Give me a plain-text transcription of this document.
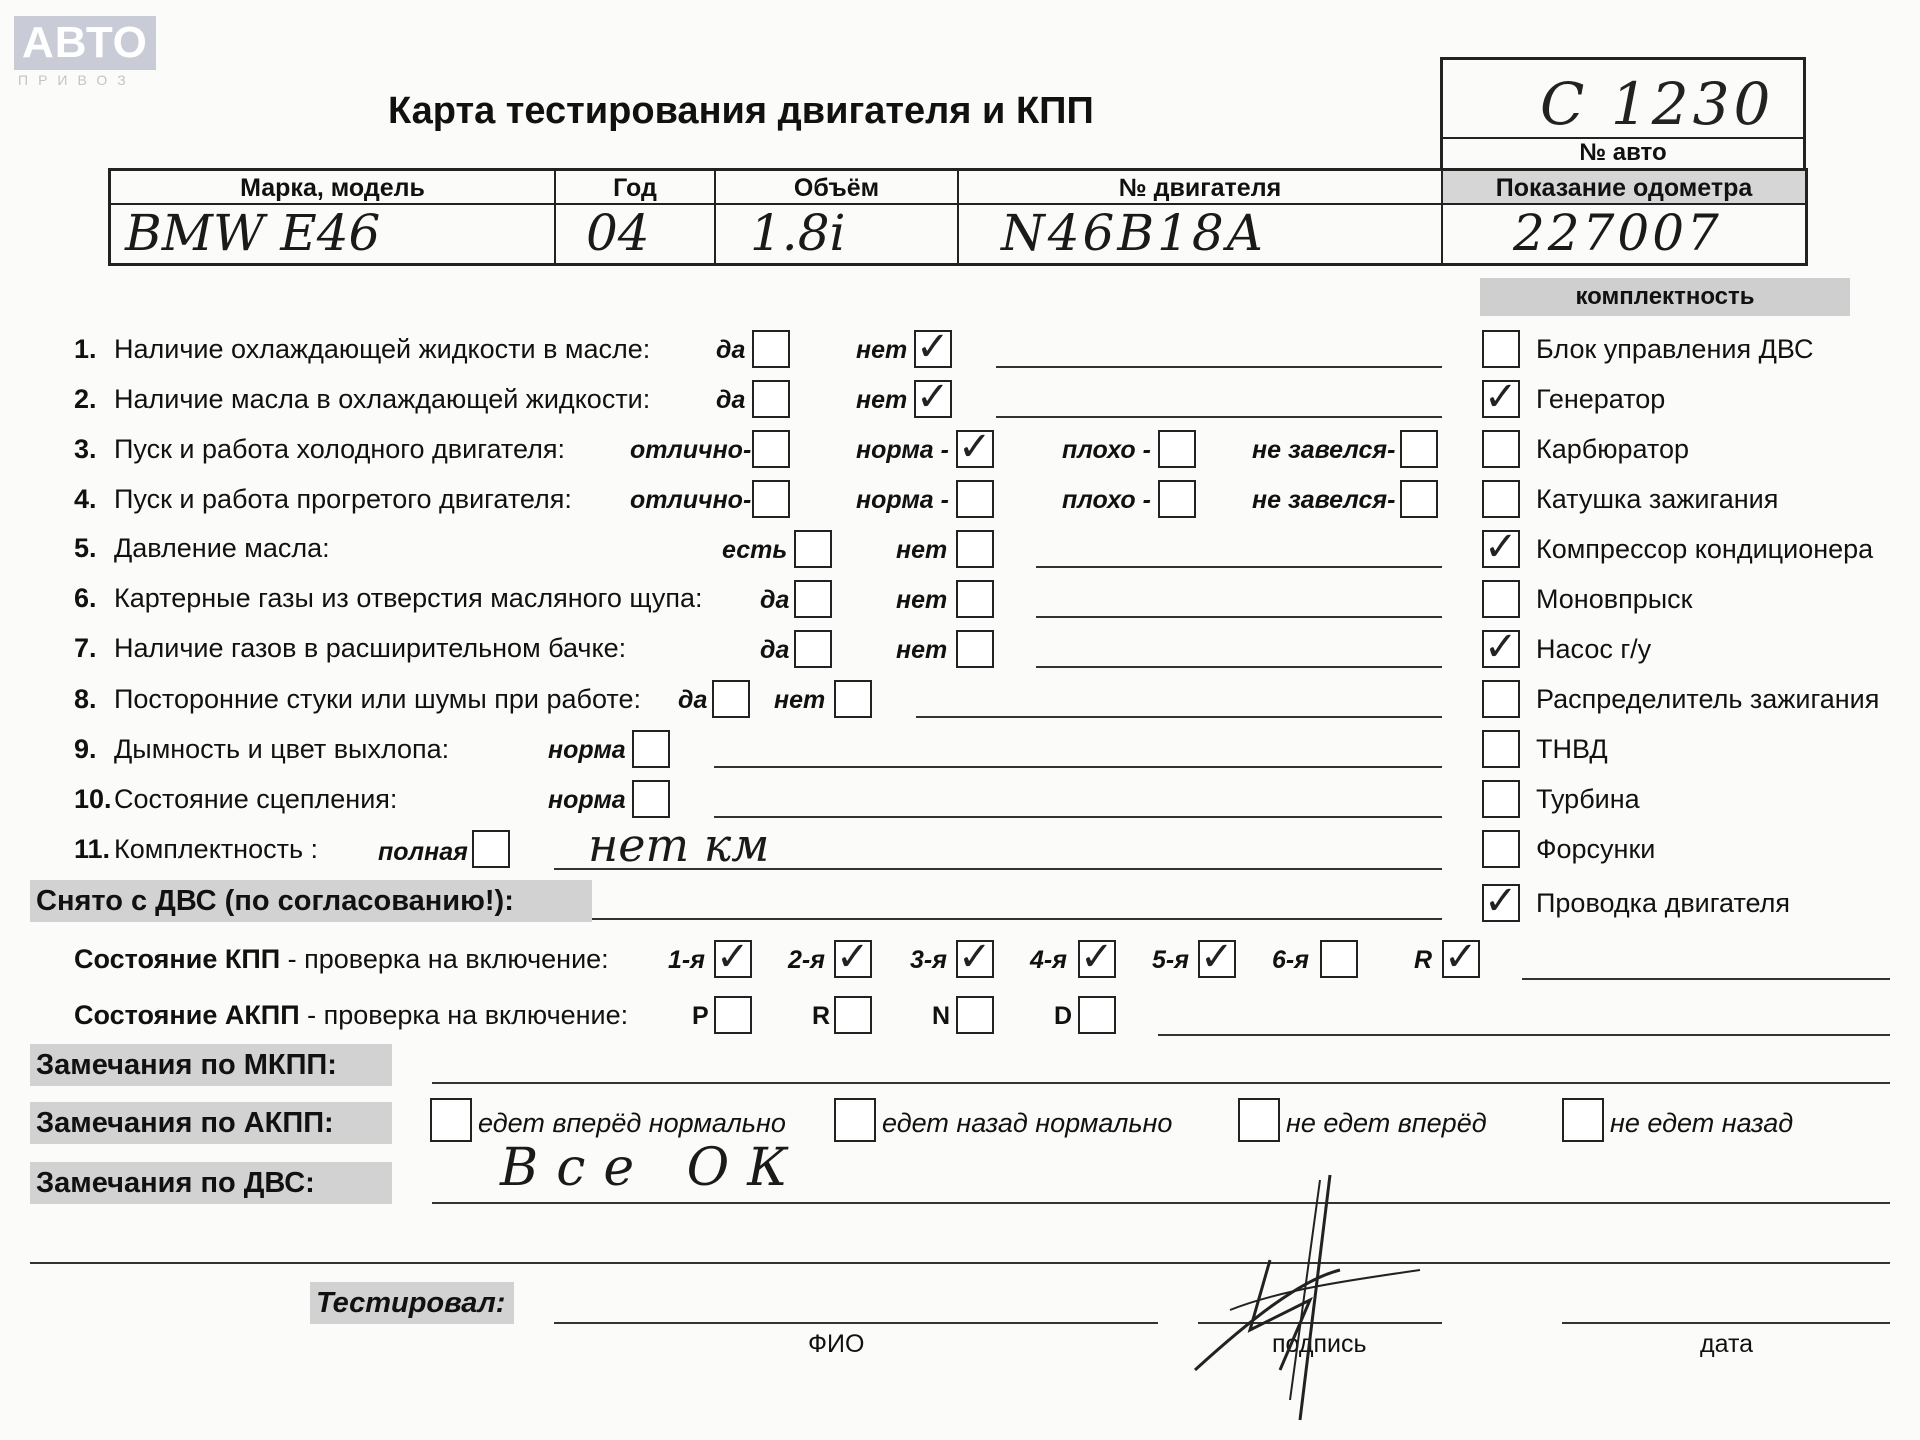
АВТО
ПРИВОЗ
Карта тестирования двигателя и КПП	C 1230
№ авто
Марка, модель	Год	Объём	№ двигателя	Показание одометра
BMW E46	04	1.8i	N46B18A	227007
комплектность
1. Наличие охлаждающей жидкости в масле:	да	нет ✓
2. Наличие масла в охлаждающей жидкости:	да	нет ✓
3. Пуск и работа холодного двигателя:	отлично-	норма - ✓	плохо -	не завелся-
4. Пуск и работа прогретого двигателя: отлично-	норма -	плохо -	не завелся-
5. Давление масла:	есть	нет
6. Картерные газы из отверстия масляного щупа: да	нет
7. Наличие газов в расширительном бачке:	да	нет
8. Посторонние стуки или шумы при работе: да	нет
9. Дымность и цвет выхлопа:	норма
10.Состояние сцепления:	норма
11. Комплектность : полная	нет км
Блок управления ДВС
✓ Генератор
Карбюратор
Катушка зажигания
✓ Компрессор кондиционера
Моновпрыск
✓ Насос г/у
Распределитель зажигания
ТНВД
Турбина
Форсунки
✓ Проводка двигателя
Снято с ДВС (по согласованию!):
Состояние КПП - проверка на включение: 1-я ✓ 2-я ✓ 3-я ✓ 4-я ✓ 5-я ✓ 6-я	R ✓
Состояние АКПП - проверка на включение:	P	R	N	D
Замечания по МКПП:
Замечания по АКПП:	едет вперёд нормально	едет назад нормально	не едет вперёд	не едет назад
Замечания по ДВС:	Все ОК
Тестировал:
ФИО	подпись	дата
